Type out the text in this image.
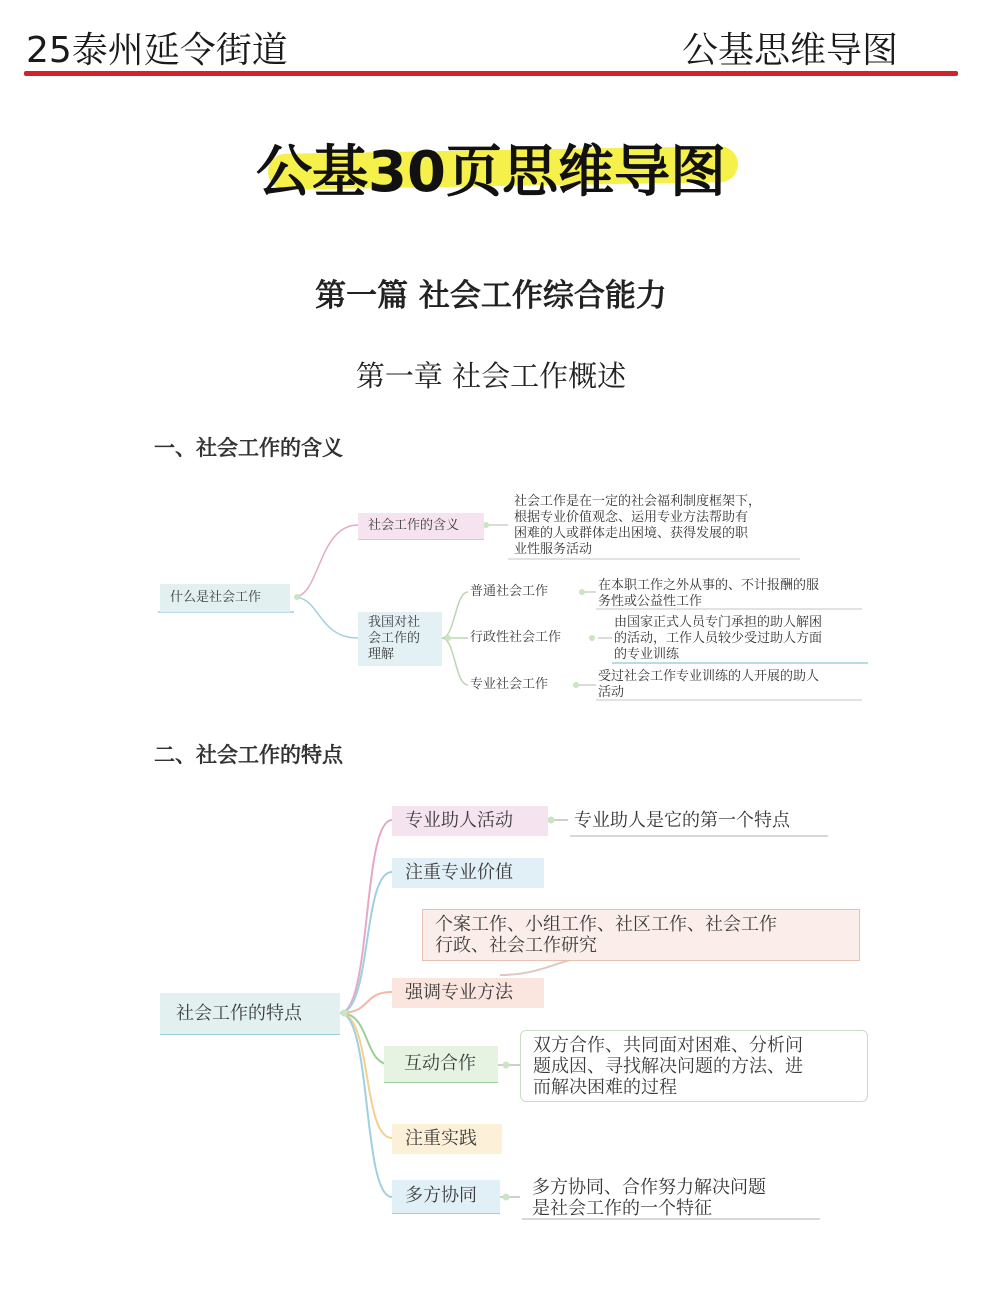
25泰州延令街道	公基思维导图
公基30页思维导图
第一篇 社会工作综合能力
第一章 社会工作概述
一、社会工作的含义
什么是社会工作
社会工作的含义
社会工作是在一定的社会福利制度框架下，
根据专业价值观念、运用专业方法帮助有
困难的人或群体走出困境、获得发展的职
业性服务活动
我国对社
会工作的
理解
普通社会工作	在本职工作之外从事的、不计报酬的服
务性或公益性工作
行政性社会工作
由国家正式人员专门承担的助人解困
的活动，工作人员较少受过助人方面
的专业训练
专业社会工作
受过社会工作专业训练的人开展的助人
活动
二、社会工作的特点
社会工作的特点
专业助人活动	专业助人是它的第一个特点
注重专业价值
个案工作、小组工作、社区工作、社会工作
行政、社会工作研究
强调专业方法
互动合作
双方合作、共同面对困难、分析问
题成因、寻找解决问题的方法、进
而解决困难的过程
注重实践
多方协同	多方协同、合作努力解决问题
是社会工作的一个特征
